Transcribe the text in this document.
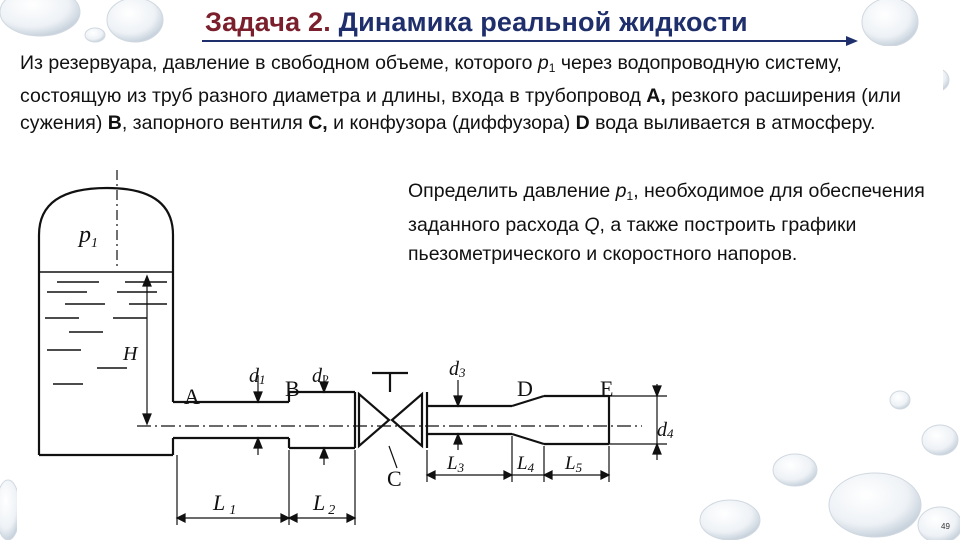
Задача 2. Динамика реальной жидкости

Из резервуара, давление в свободном объеме, которого $p_1$ через водопроводную систему, состоящую из труб разного диаметра и длины, входа в трубопровод A, резкого расширения (или сужения) B, запорного вентиля C, и конфузора (диффузора) D вода выливается в атмосферу.

$p_1$
H
A	B
C
D	E
d1 d2	d3
d4
L 1	L 2
L3	L4 L5

Определить давление $p_1$, необходимое для обеспечения заданного расхода Q, а также построить графики пьезометрического и скоростного напоров.

49
